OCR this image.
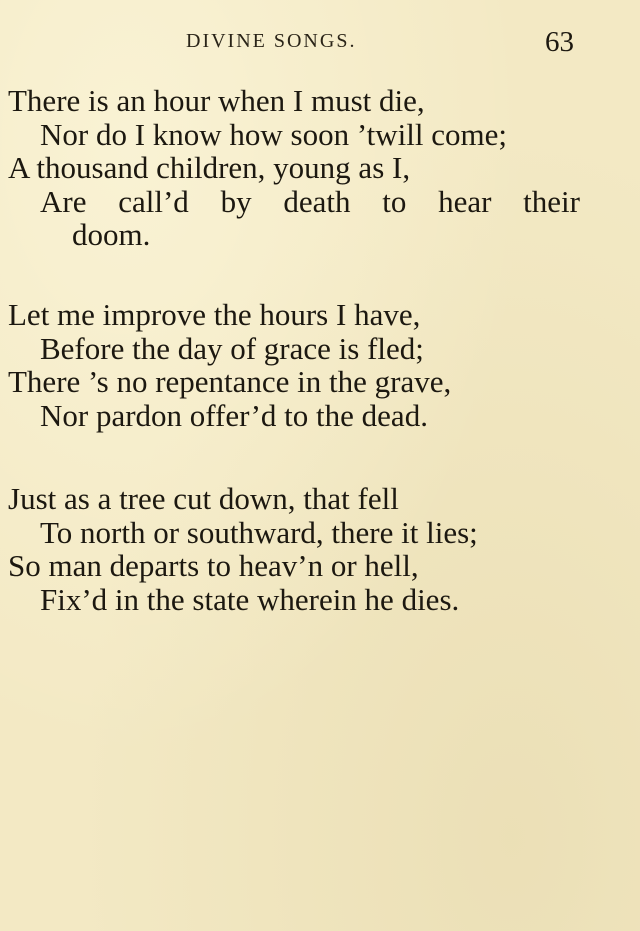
DIVINE SONGS.	63
There is an hour when I must die,
Nor do I know how soon ’twill come;
A thousand children, young as I,
Are call’d by death to hear their
doom.
Let me improve the hours I have,
Before the day of grace is fled;
There ’s no repentance in the grave,
Nor pardon offer’d to the dead.
Just as a tree cut down, that fell
To north or southward, there it lies;
So man departs to heav’n or hell,
Fix’d in the state wherein he dies.
